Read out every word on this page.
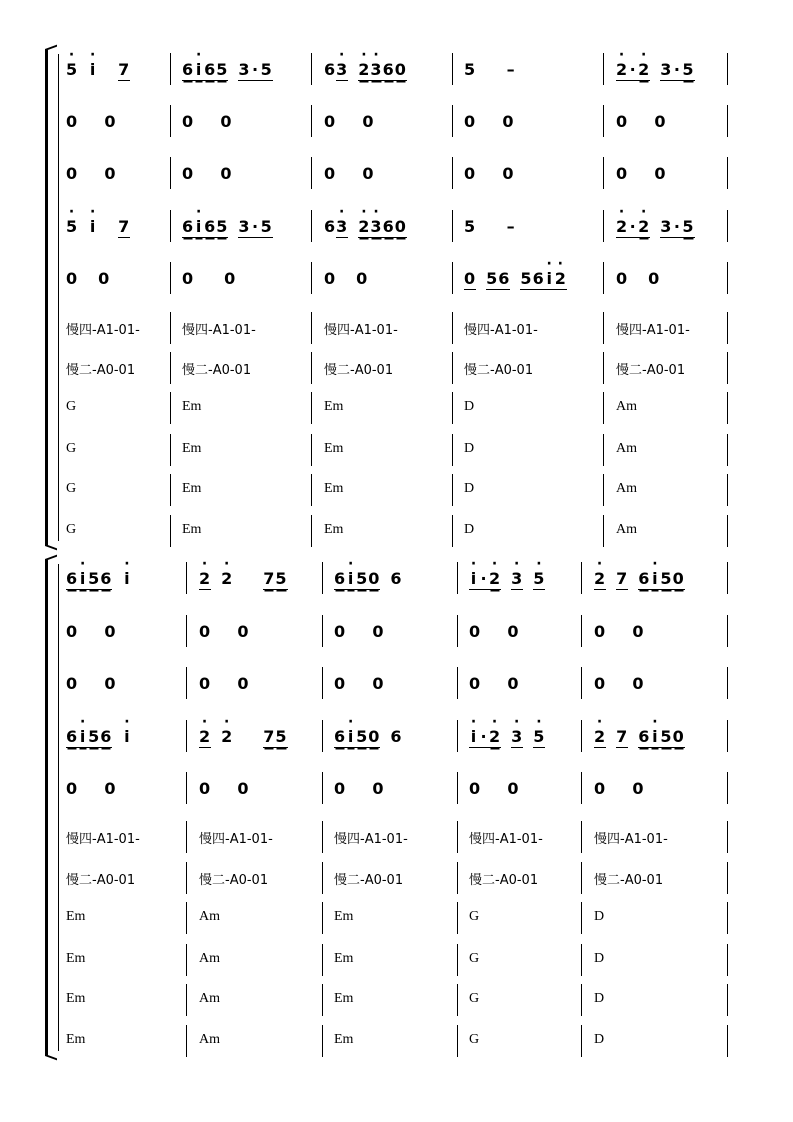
· 5 · i 7	6 · i 65 3·5	6· 3 · 2· 360	5 –	· 2·· 2 3·5
0    0	0    0	0    0	0    0	0    0
0    0	0    0	0    0	0    0	0    0
· 5 · i 7	6 · i 65 3·5	6· 3 · 2· 360	5 –	· 2·· 2 3·5
0 0	0 0	0 0	0 56 56 · i · 2	0 0
慢四-A1-01-	慢四-A1-01-	慢四-A1-01-	慢四-A1-01-	慢四-A1-01-
慢二-A0-01	慢二-A0-01	慢二-A0-01	慢二-A0-01	慢二-A0-01
G	Em	Em	D	Am
G	Em	Em	D	Am
G	Em	Em	D	Am
G	Em	Em	D	Am
6 · i 56 · i	· 2 · 2 75	6 · i 50 6	· i ·· 2 · 3 · 5	· 2 7 6 · i 50
0    0	0    0	0    0	0    0	0    0
0    0	0    0	0    0	0    0	0    0
6 · i 56 · i	· 2 · 2 75	6 · i 50 6	· i ·· 2 · 3 · 5	· 2 7 6 · i 50
0    0	0    0	0    0	0    0	0    0
慢四-A1-01-	慢四-A1-01-	慢四-A1-01-	慢四-A1-01-	慢四-A1-01-
慢二-A0-01	慢二-A0-01	慢二-A0-01	慢二-A0-01	慢二-A0-01
Em	Am	Em	G	D
Em	Am	Em	G	D
Em	Am	Em	G	D
Em	Am	Em	G	D
